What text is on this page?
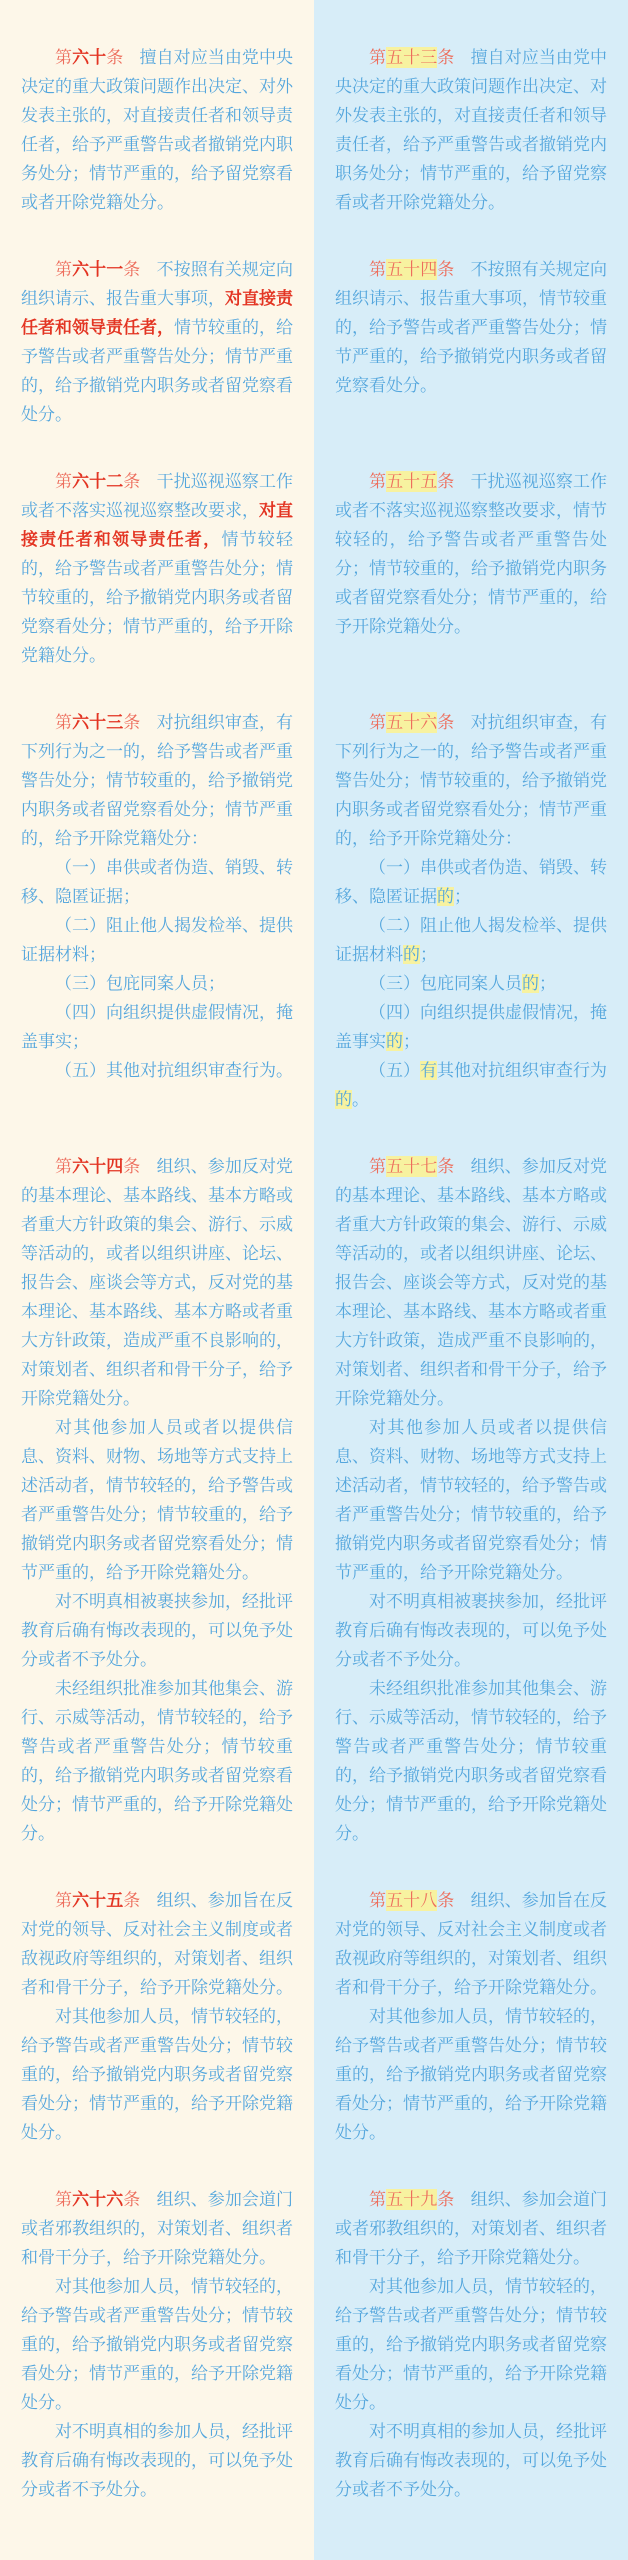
第六十条 擅自对应当由党中央决定的重大政策问题作出决定、对外发表主张的，对直接责任者和领导责任者，给予严重警告或者撤销党内职务处分；情节严重的，给予留党察看或者开除党籍处分。

第五十三条 擅自对应当由党中央决定的重大政策问题作出决定、对外发表主张的，对直接责任者和领导责任者，给予严重警告或者撤销党内职务处分；情节严重的，给予留党察看或者开除党籍处分。

第六十一条 不按照有关规定向组织请示、报告重大事项，对直接责任者和领导责任者，情节较重的，给予警告或者严重警告处分；情节严重的，给予撤销党内职务或者留党察看处分。

第五十四条 不按照有关规定向组织请示、报告重大事项，情节较重的，给予警告或者严重警告处分；情节严重的，给予撤销党内职务或者留党察看处分。

第六十二条 干扰巡视巡察工作或者不落实巡视巡察整改要求，对直接责任者和领导责任者，情节较轻的，给予警告或者严重警告处分；情节较重的，给予撤销党内职务或者留党察看处分；情节严重的，给予开除党籍处分。

第五十五条 干扰巡视巡察工作或者不落实巡视巡察整改要求，情节较轻的，给予警告或者严重警告处分；情节较重的，给予撤销党内职务或者留党察看处分；情节严重的，给予开除党籍处分。

第六十三条 对抗组织审查，有下列行为之一的，给予警告或者严重警告处分；情节较重的，给予撤销党内职务或者留党察看处分；情节严重的，给予开除党籍处分：

（一）串供或者伪造、销毁、转移、隐匿证据；

（二）阻止他人揭发检举、提供证据材料；

（三）包庇同案人员；

（四）向组织提供虚假情况，掩盖事实；

（五）其他对抗组织审查行为。

第五十六条 对抗组织审查，有下列行为之一的，给予警告或者严重警告处分；情节较重的，给予撤销党内职务或者留党察看处分；情节严重的，给予开除党籍处分：

（一）串供或者伪造、销毁、转移、隐匿证据的；

（二）阻止他人揭发检举、提供证据材料的；

（三）包庇同案人员的；

（四）向组织提供虚假情况，掩盖事实的；

（五）有其他对抗组织审查行为的。

第六十四条 组织、参加反对党的基本理论、基本路线、基本方略或者重大方针政策的集会、游行、示威等活动的，或者以组织讲座、论坛、报告会、座谈会等方式，反对党的基本理论、基本路线、基本方略或者重大方针政策，造成严重不良影响的，对策划者、组织者和骨干分子，给予开除党籍处分。

对其他参加人员或者以提供信息、资料、财物、场地等方式支持上述活动者，情节较轻的，给予警告或者严重警告处分；情节较重的，给予撤销党内职务或者留党察看处分；情节严重的，给予开除党籍处分。

对不明真相被裹挟参加，经批评教育后确有悔改表现的，可以免予处分或者不予处分。

未经组织批准参加其他集会、游行、示威等活动，情节较轻的，给予警告或者严重警告处分；情节较重的，给予撤销党内职务或者留党察看处分；情节严重的，给予开除党籍处分。

第五十七条 组织、参加反对党的基本理论、基本路线、基本方略或者重大方针政策的集会、游行、示威等活动的，或者以组织讲座、论坛、报告会、座谈会等方式，反对党的基本理论、基本路线、基本方略或者重大方针政策，造成严重不良影响的，对策划者、组织者和骨干分子，给予开除党籍处分。

对其他参加人员或者以提供信息、资料、财物、场地等方式支持上述活动者，情节较轻的，给予警告或者严重警告处分；情节较重的，给予撤销党内职务或者留党察看处分；情节严重的，给予开除党籍处分。

对不明真相被裹挟参加，经批评教育后确有悔改表现的，可以免予处分或者不予处分。

未经组织批准参加其他集会、游行、示威等活动，情节较轻的，给予警告或者严重警告处分；情节较重的，给予撤销党内职务或者留党察看处分；情节严重的，给予开除党籍处分。

第六十五条 组织、参加旨在反对党的领导、反对社会主义制度或者敌视政府等组织的，对策划者、组织者和骨干分子，给予开除党籍处分。

对其他参加人员，情节较轻的，给予警告或者严重警告处分；情节较重的，给予撤销党内职务或者留党察看处分；情节严重的，给予开除党籍处分。

第五十八条 组织、参加旨在反对党的领导、反对社会主义制度或者敌视政府等组织的，对策划者、组织者和骨干分子，给予开除党籍处分。

对其他参加人员，情节较轻的，给予警告或者严重警告处分；情节较重的，给予撤销党内职务或者留党察看处分；情节严重的，给予开除党籍处分。

第六十六条 组织、参加会道门或者邪教组织的，对策划者、组织者和骨干分子，给予开除党籍处分。

对其他参加人员，情节较轻的，给予警告或者严重警告处分；情节较重的，给予撤销党内职务或者留党察看处分；情节严重的，给予开除党籍处分。

对不明真相的参加人员，经批评教育后确有悔改表现的，可以免予处分或者不予处分。

第五十九条 组织、参加会道门或者邪教组织的，对策划者、组织者和骨干分子，给予开除党籍处分。

对其他参加人员，情节较轻的，给予警告或者严重警告处分；情节较重的，给予撤销党内职务或者留党察看处分；情节严重的，给予开除党籍处分。

对不明真相的参加人员，经批评教育后确有悔改表现的，可以免予处分或者不予处分。
